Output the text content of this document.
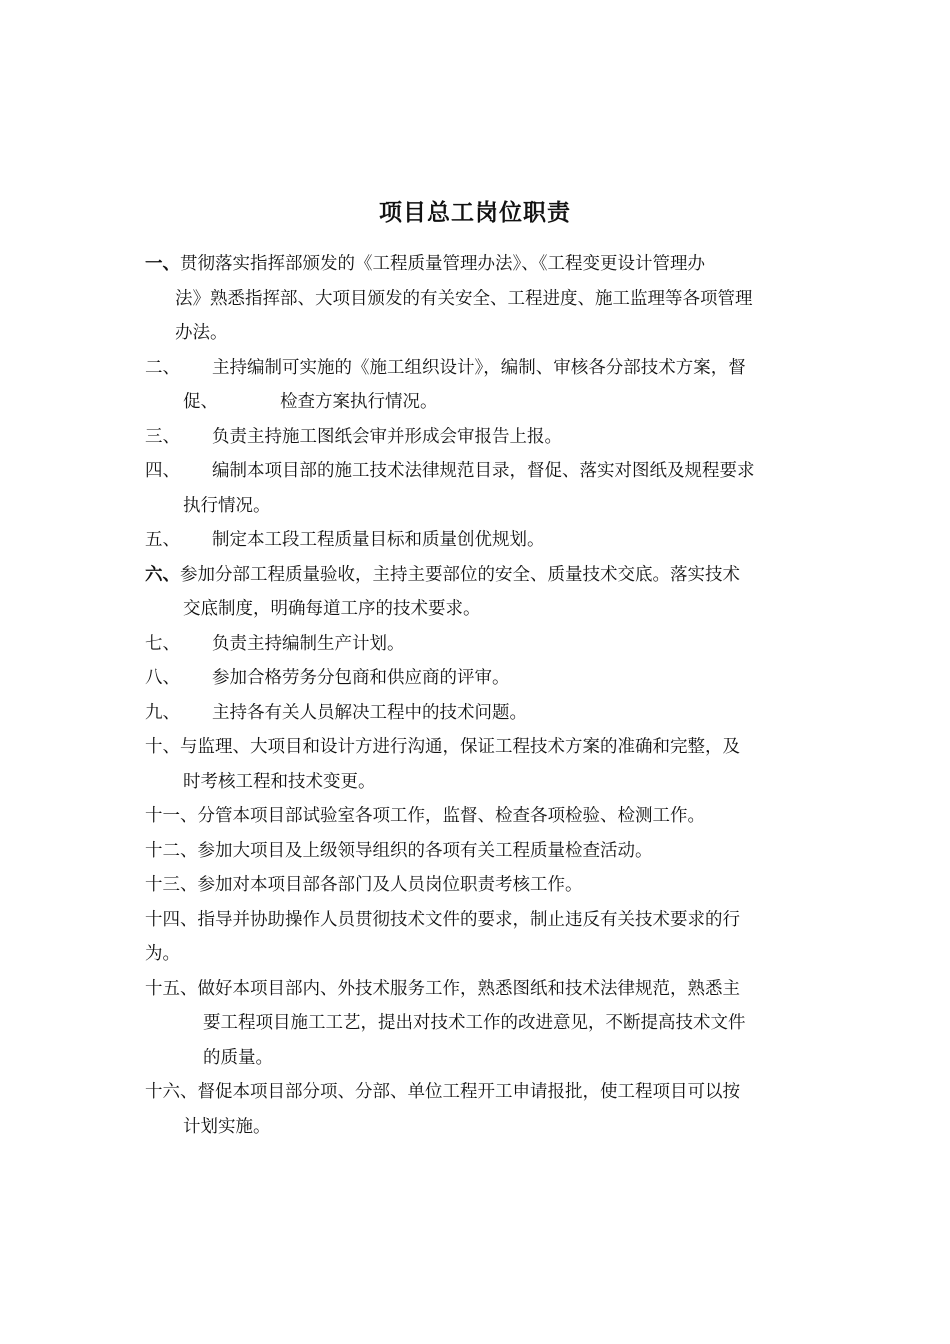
项目总工岗位职责
一、贯彻落实指挥部颁发的《工程质量管理办法》、《工程变更设计管理办
法》熟悉指挥部、大项目颁发的有关安全、工程进度、施工监理等各项管理
办法。
二、 主持编制可实施的《施工组织设计》，编制、审核各分部技术方案，督
促、	检查方案执行情况。
三、 负责主持施工图纸会审并形成会审报告上报。
四、 编制本项目部的施工技术法律规范目录，督促、落实对图纸及规程要求
执行情况。
五、 制定本工段工程质量目标和质量创优规划。
六、参加分部工程质量验收，主持主要部位的安全、质量技术交底。落实技术
交底制度，明确每道工序的技术要求。
七、 负责主持编制生产计划。
八、 参加合格劳务分包商和供应商的评审。
九、 主持各有关人员解决工程中的技术问题。
十、与监理、大项目和设计方进行沟通，保证工程技术方案的准确和完整，及
时考核工程和技术变更。
十一、分管本项目部试验室各项工作，监督、检查各项检验、检测工作。
十二、参加大项目及上级领导组织的各项有关工程质量检查活动。
十三、参加对本项目部各部门及人员岗位职责考核工作。
十四、指导并协助操作人员贯彻技术文件的要求，制止违反有关技术要求的行
为。
十五、做好本项目部内、外技术服务工作，熟悉图纸和技术法律规范，熟悉主
要工程项目施工工艺，提出对技术工作的改进意见，不断提高技术文件
的质量。
十六、督促本项目部分项、分部、单位工程开工申请报批，使工程项目可以按
计划实施。
